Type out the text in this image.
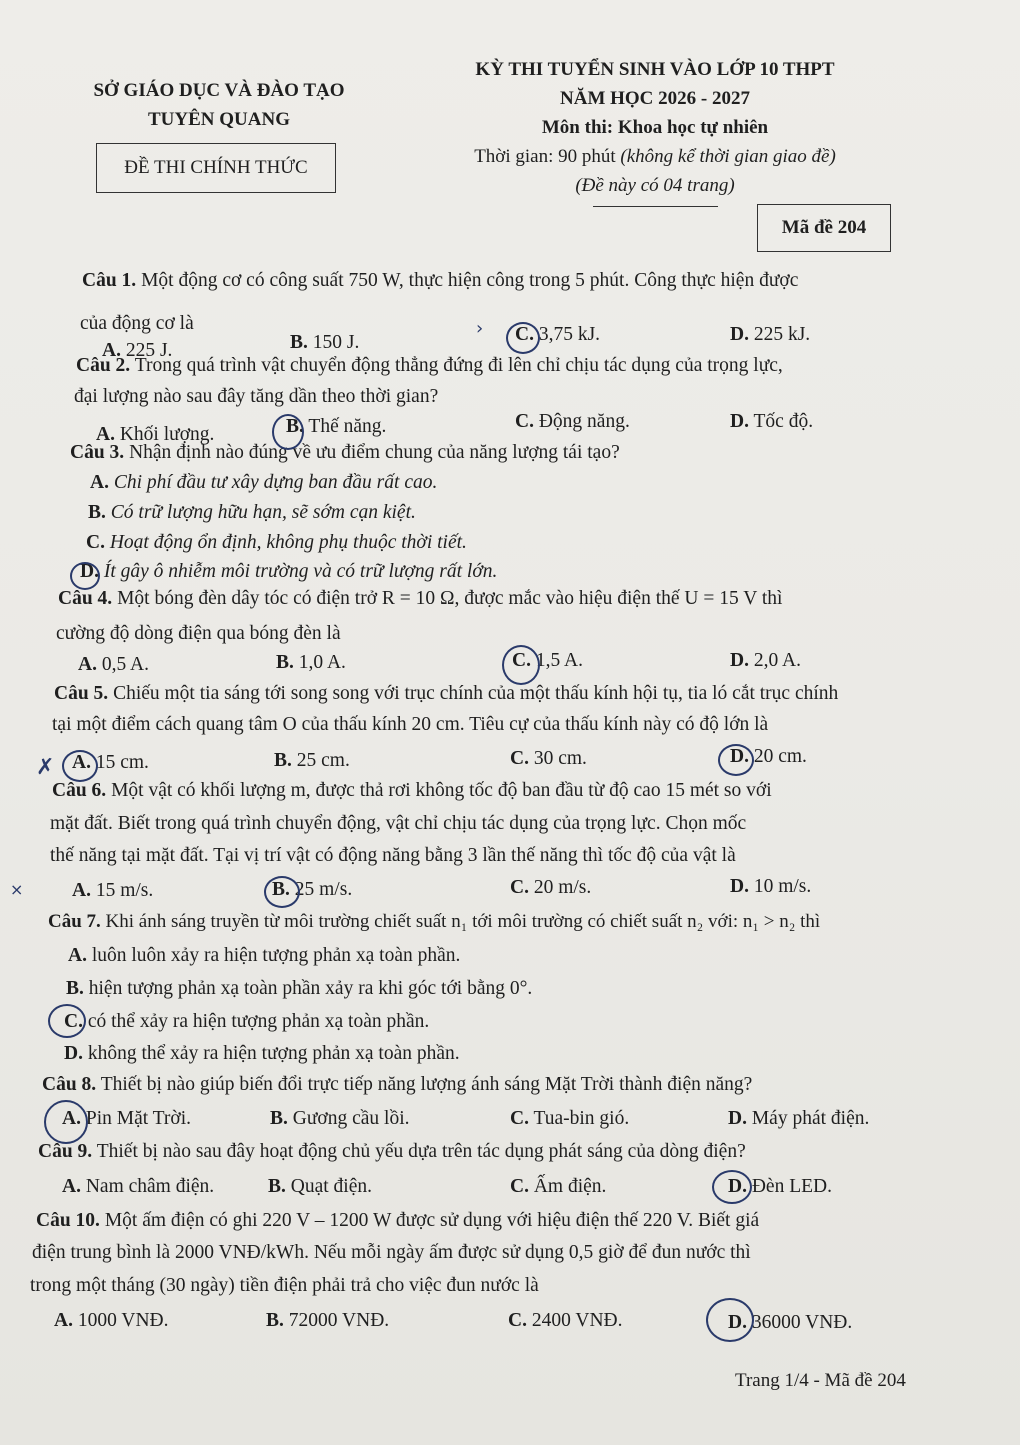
SỞ GIÁO DỤC VÀ ĐÀO TẠO
TUYÊN QUANG
ĐỀ THI CHÍNH THỨC
KỲ THI TUYỂN SINH VÀO LỚP 10 THPT
NĂM HỌC 2026 - 2027
Môn thi: Khoa học tự nhiên
Thời gian: 90 phút (không kể thời gian giao đề)
(Đề này có 04 trang)
Mã đề 204
Câu 1. Một động cơ có công suất 750 W, thực hiện công trong 5 phút. Công thực hiện được
của động cơ là
A. 225 J.	B. 150 J.	C. 3,75 kJ.	D. 225 kJ.
Câu 2. Trong quá trình vật chuyển động thẳng đứng đi lên chỉ chịu tác dụng của trọng lực,
đại lượng nào sau đây tăng dần theo thời gian?
A. Khối lượng.	B. Thế năng.	C. Động năng.	D. Tốc độ.
Câu 3. Nhận định nào đúng về ưu điểm chung của năng lượng tái tạo?
A. Chi phí đầu tư xây dựng ban đầu rất cao.
B. Có trữ lượng hữu hạn, sẽ sớm cạn kiệt.
C. Hoạt động ổn định, không phụ thuộc thời tiết.
D. Ít gây ô nhiễm môi trường và có trữ lượng rất lớn.
Câu 4. Một bóng đèn dây tóc có điện trở R = 10 Ω, được mắc vào hiệu điện thế U = 15 V thì
cường độ dòng điện qua bóng đèn là
A. 0,5 A.	B. 1,0 A.	C. 1,5 A.	D. 2,0 A.
Câu 5. Chiếu một tia sáng tới song song với trục chính của một thấu kính hội tụ, tia ló cắt trục chính
tại một điểm cách quang tâm O của thấu kính 20 cm. Tiêu cự của thấu kính này có độ lớn là
A. 15 cm.	B. 25 cm.	C. 30 cm.	D. 20 cm.
Câu 6. Một vật có khối lượng m, được thả rơi không tốc độ ban đầu từ độ cao 15 mét so với
mặt đất. Biết trong quá trình chuyển động, vật chỉ chịu tác dụng của trọng lực. Chọn mốc
thế năng tại mặt đất. Tại vị trí vật có động năng bằng 3 lần thế năng thì tốc độ của vật là
A. 15 m/s.	B. 25 m/s.	C. 20 m/s.	D. 10 m/s.
Câu 7. Khi ánh sáng truyền từ môi trường chiết suất n₁ tới môi trường có chiết suất n₂ với: n₁ > n₂ thì
A. luôn luôn xảy ra hiện tượng phản xạ toàn phần.
B. hiện tượng phản xạ toàn phần xảy ra khi góc tới bằng 0°.
C. có thể xảy ra hiện tượng phản xạ toàn phần.
D. không thể xảy ra hiện tượng phản xạ toàn phần.
Câu 8. Thiết bị nào giúp biến đổi trực tiếp năng lượng ánh sáng Mặt Trời thành điện năng?
A. Pin Mặt Trời.	B. Gương cầu lồi.	C. Tua-bin gió.	D. Máy phát điện.
Câu 9. Thiết bị nào sau đây hoạt động chủ yếu dựa trên tác dụng phát sáng của dòng điện?
A. Nam châm điện.	B. Quạt điện.	C. Ấm điện.	D. Đèn LED.
Câu 10. Một ấm điện có ghi 220 V – 1200 W được sử dụng với hiệu điện thế 220 V. Biết giá
điện trung bình là 2000 VNĐ/kWh. Nếu mỗi ngày ấm được sử dụng 0,5 giờ để đun nước thì
trong một tháng (30 ngày) tiền điện phải trả cho việc đun nước là
A. 1000 VNĐ.	B. 72000 VNĐ.	C. 2400 VNĐ.	D. 36000 VNĐ.
›
✗
×
Trang 1/4 - Mã đề 204
